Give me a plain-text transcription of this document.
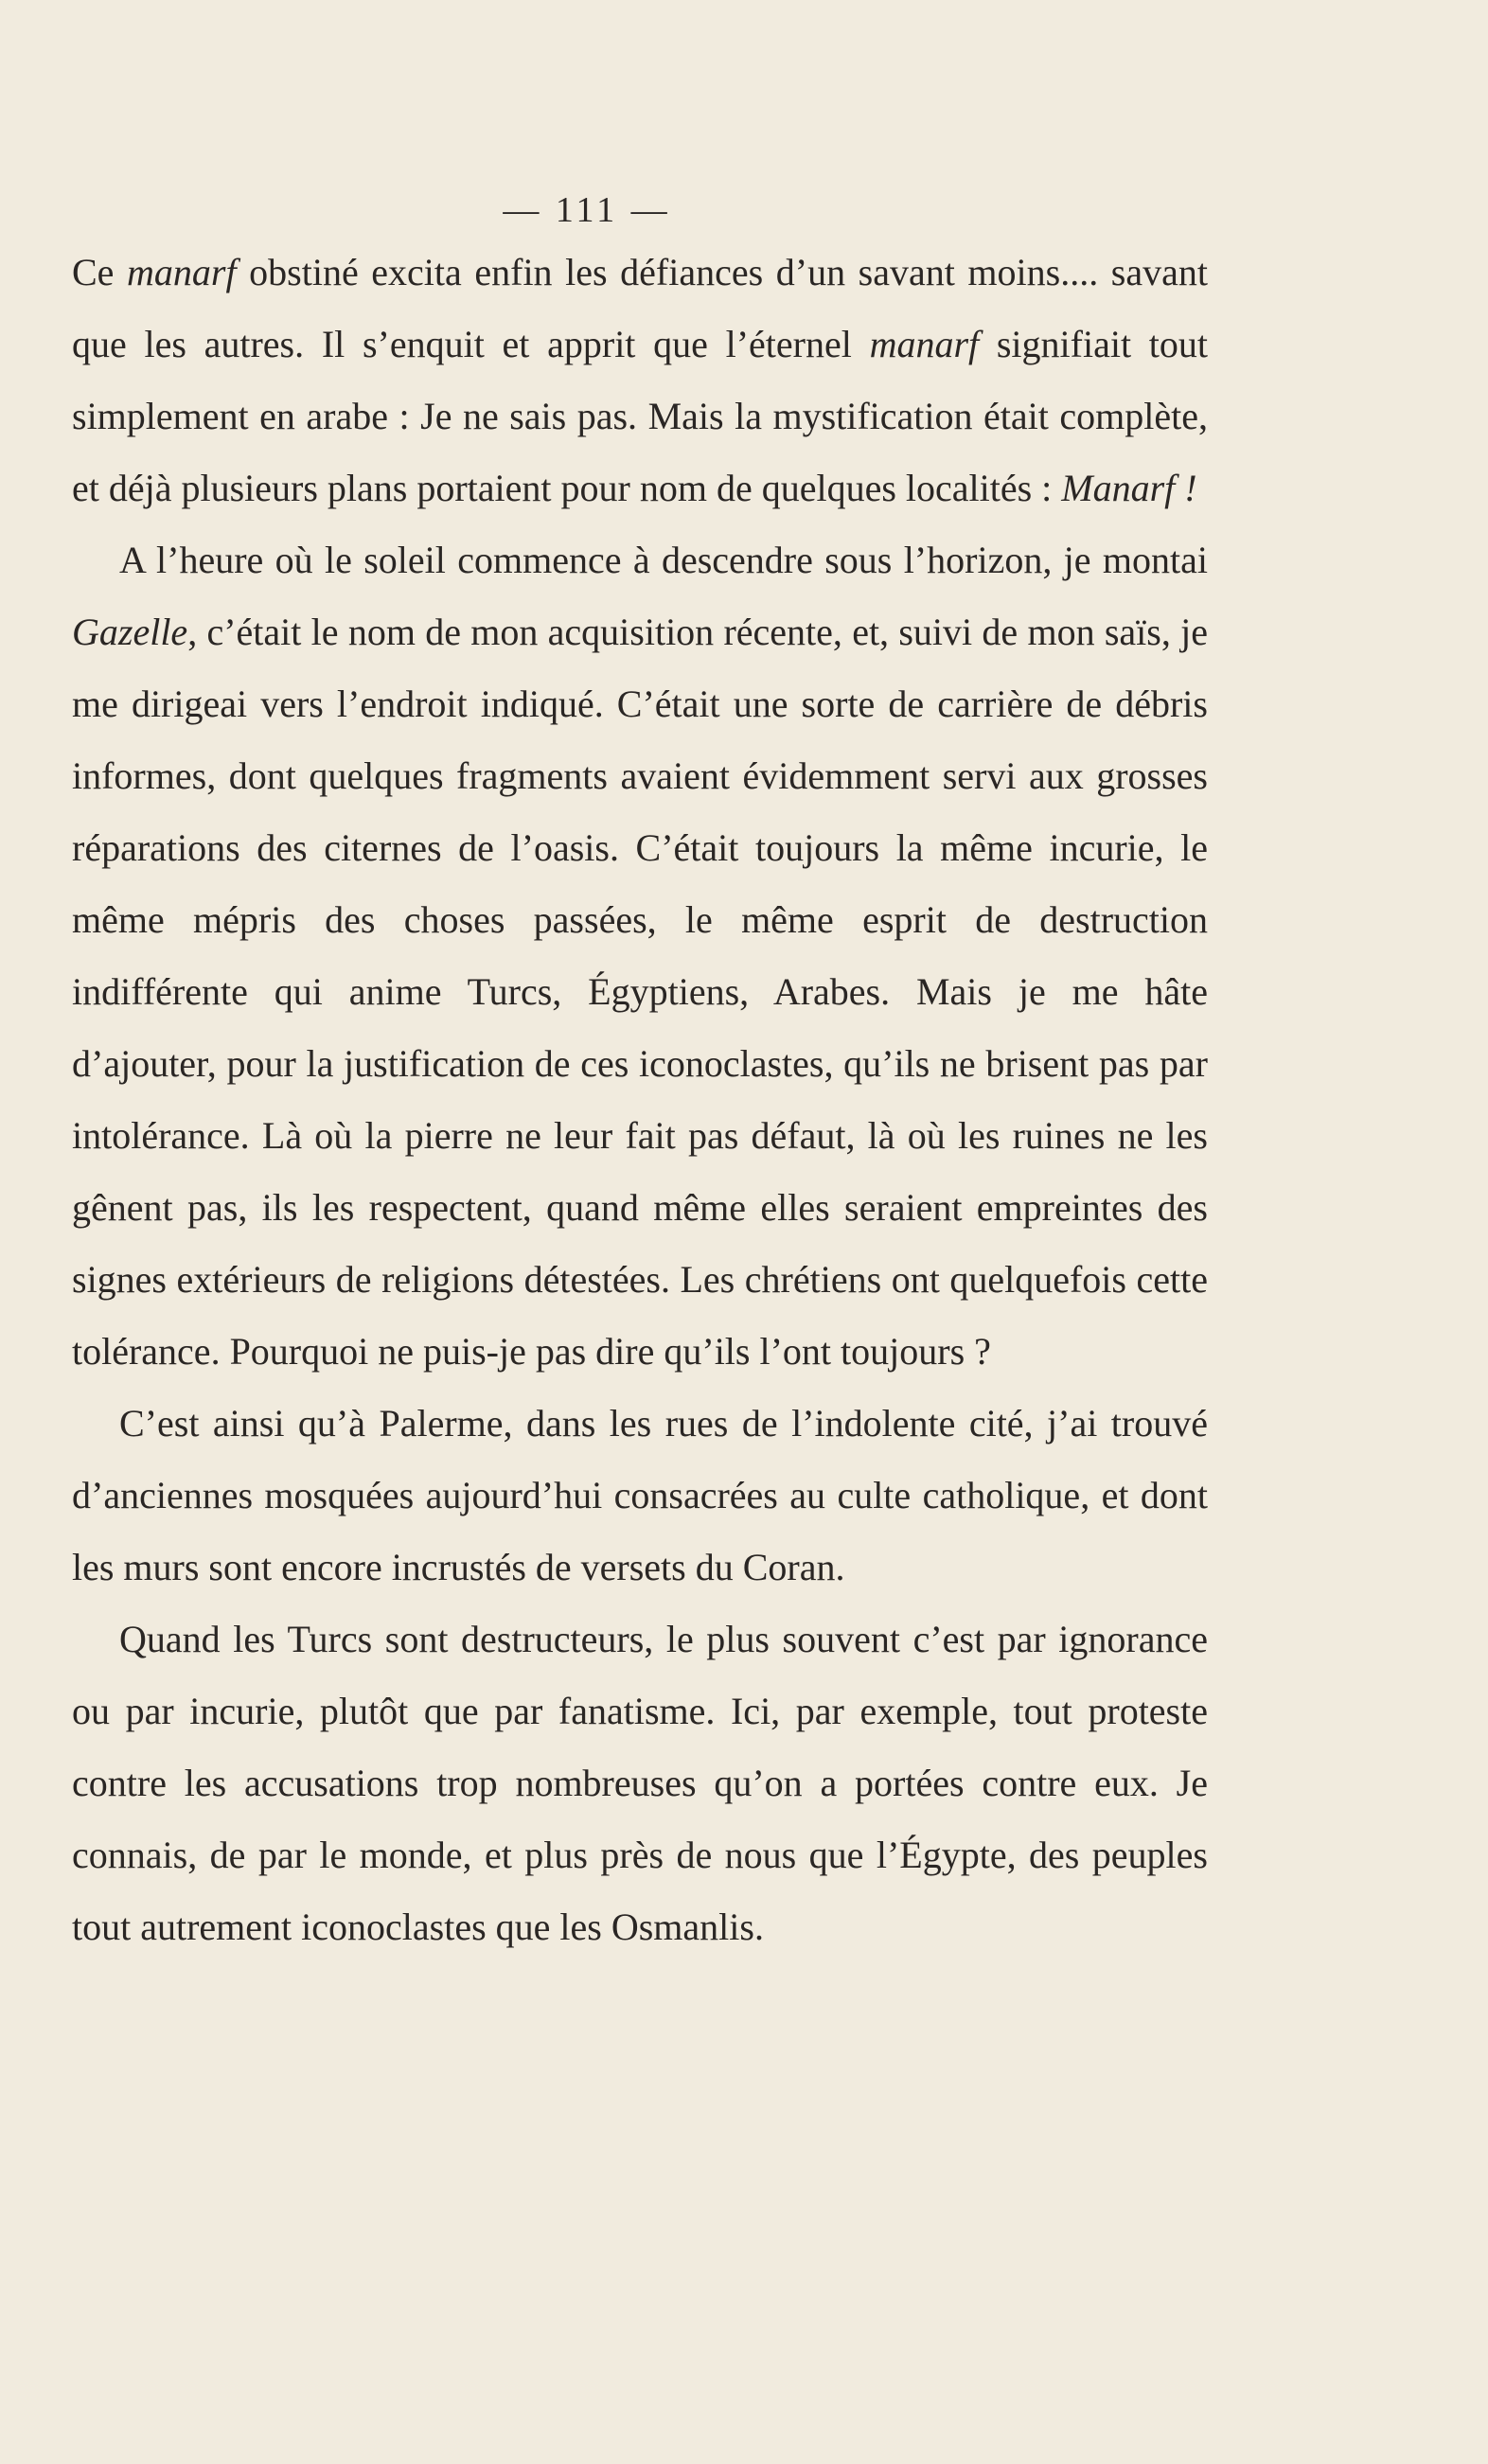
— 111 —

Ce manarf obstiné excita enfin les défiances d’un savant moins.... savant que les autres. Il s’enquit et apprit que l’éternel manarf signifiait tout simplement en arabe : Je ne sais pas. Mais la mystification était complète, et déjà plusieurs plans portaient pour nom de quelques localités : Manarf !

A l’heure où le soleil commence à descendre sous l’horizon, je montai Gazelle, c’était le nom de mon acquisition récente, et, suivi de mon saïs, je me dirigeai vers l’endroit indiqué. C’était une sorte de carrière de débris informes, dont quelques fragments avaient évidemment servi aux grosses réparations des citernes de l’oasis. C’était toujours la même incurie, le même mépris des choses passées, le même esprit de destruction indifférente qui anime Turcs, Égyptiens, Arabes. Mais je me hâte d’ajouter, pour la justification de ces iconoclastes, qu’ils ne brisent pas par intolérance. Là où la pierre ne leur fait pas défaut, là où les ruines ne les gênent pas, ils les respectent, quand même elles seraient empreintes des signes extérieurs de religions détestées. Les chrétiens ont quelquefois cette tolérance. Pourquoi ne puis-je pas dire qu’ils l’ont toujours ?

C’est ainsi qu’à Palerme, dans les rues de l’indolente cité, j’ai trouvé d’anciennes mosquées aujourd’hui consacrées au culte catholique, et dont les murs sont encore incrustés de versets du Coran.

Quand les Turcs sont destructeurs, le plus souvent c’est par ignorance ou par incurie, plutôt que par fanatisme. Ici, par exemple, tout proteste contre les accusations trop nombreuses qu’on a portées contre eux. Je connais, de par le monde, et plus près de nous que l’Égypte, des peuples tout autrement iconoclastes que les Osmanlis.
